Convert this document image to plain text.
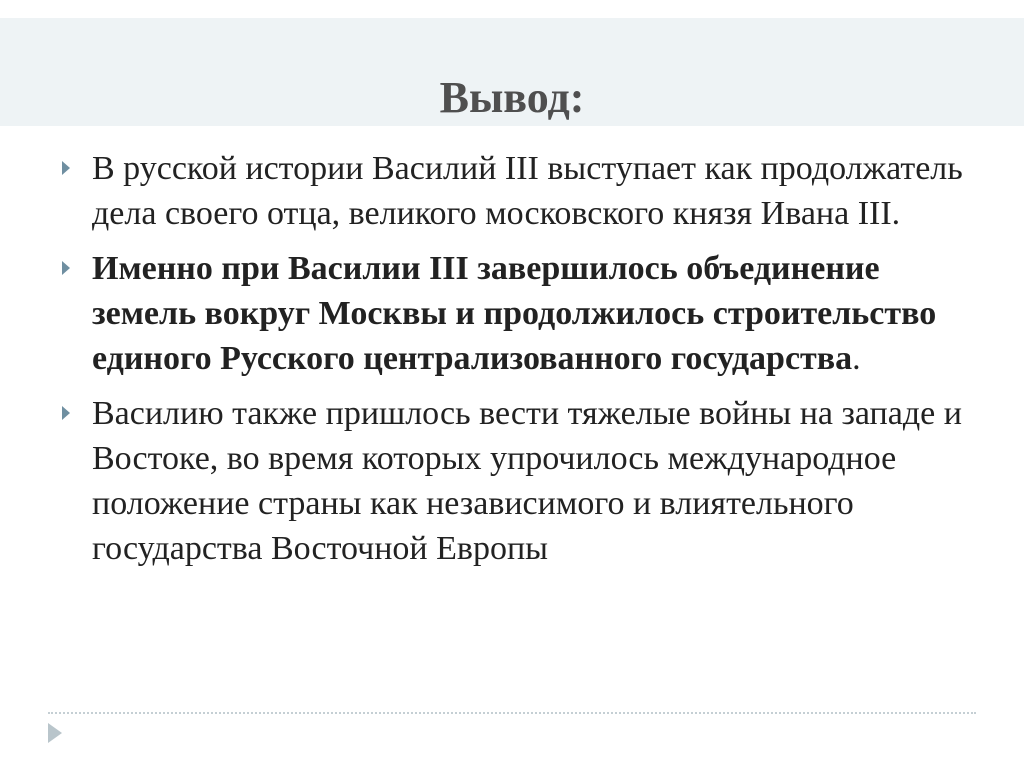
Вывод:
В русской истории Василий III выступает как продолжатель дела своего отца, великого московского князя Ивана III.
Именно при Василии III завершилось объединение земель вокруг Москвы и продолжилось строительство единого Русского централизованного государства.
Василию также пришлось вести тяжелые войны на западе и Востоке, во время которых упрочилось международное положение страны как независимого и влиятельного государства Восточной Европы
